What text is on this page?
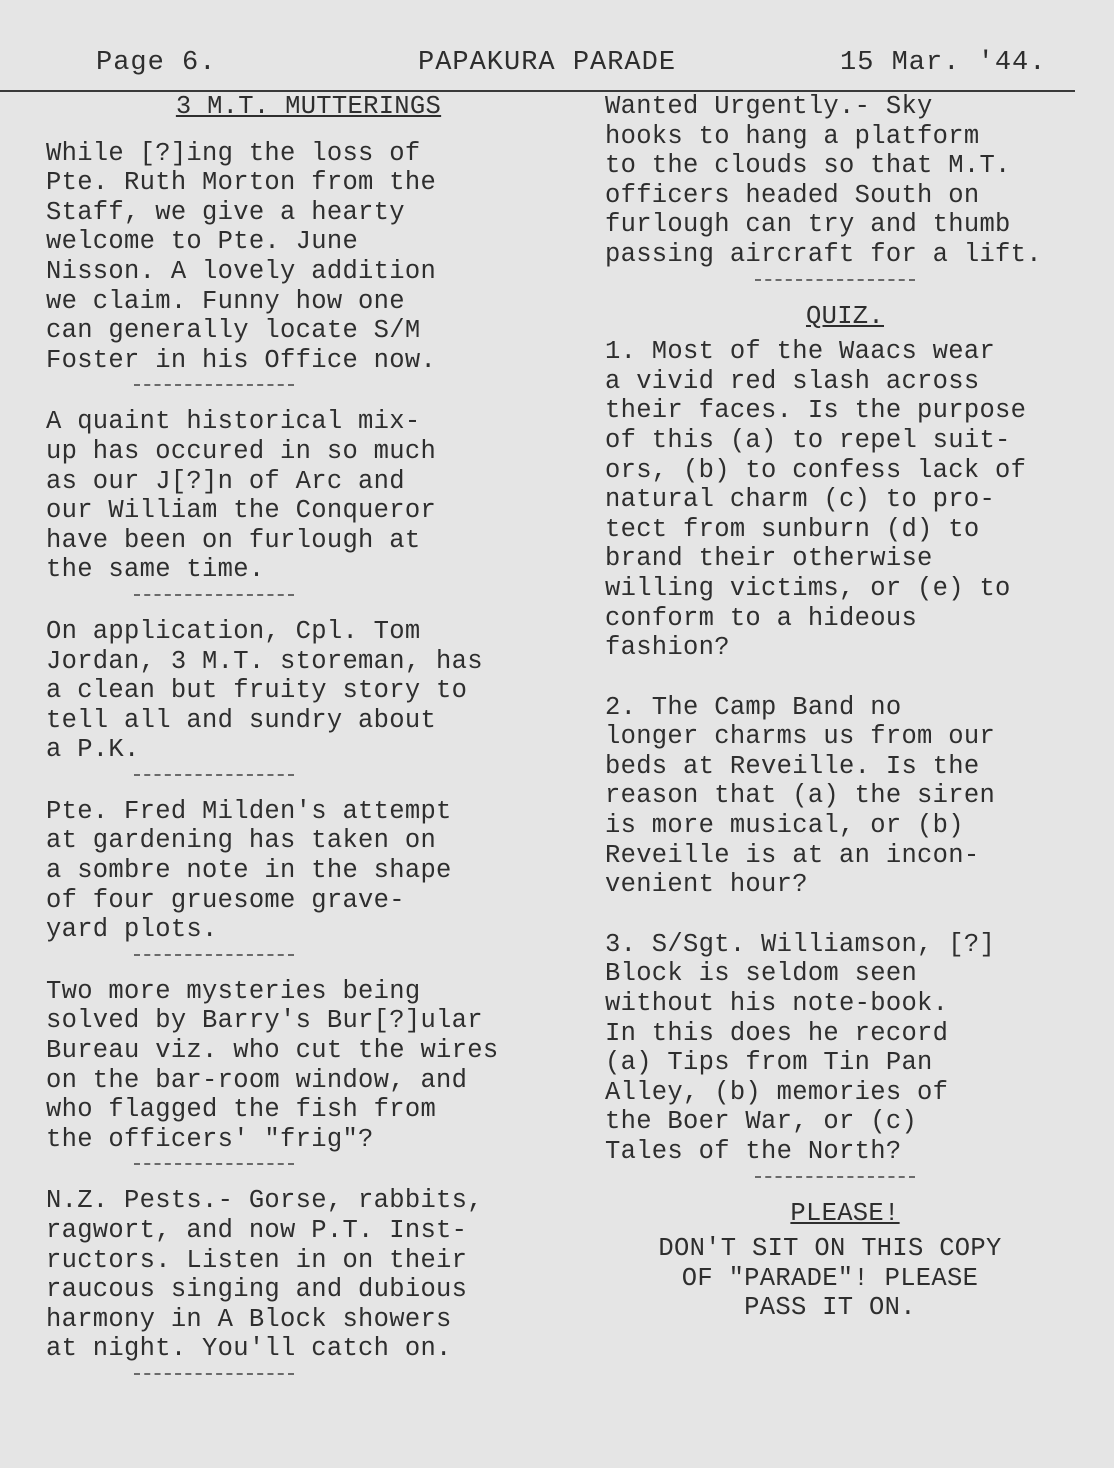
Page 6.	PAPAKURA PARADE	15 Mar. '44.
3 M.T. MUTTERINGS
While [?]ing the loss of
Pte. Ruth Morton from the
Staff, we give a hearty
welcome to Pte. June
Nisson. A lovely addition
we claim. Funny how one
can generally locate S/M
Foster in his Office now.
A quaint historical mix-
up has occured in so much
as our J[?]n of Arc and
our William the Conqueror
have been on furlough at
the same time.
On application, Cpl. Tom
Jordan, 3 M.T. storeman, has
a clean but fruity story to
tell all and sundry about
a P.K.
Pte. Fred Milden's attempt
at gardening has taken on
a sombre note in the shape
of four gruesome grave-
yard plots.
Two more mysteries being
solved by Barry's Bur[?]ular
Bureau viz. who cut the wires
on the bar-room window, and
who flagged the fish from
the officers' "frig"?
N.Z. Pests.- Gorse, rabbits,
ragwort, and now P.T. Inst-
ructors. Listen in on their
raucous singing and dubious
harmony in A Block showers
at night. You'll catch on.
Wanted Urgently.- Sky
hooks to hang a platform
to the clouds so that M.T.
officers headed South on
furlough can try and thumb
passing aircraft for a lift.
QUIZ.
1. Most of the Waacs wear
a vivid red slash across
their faces. Is the purpose
of this (a) to repel suit-
ors, (b) to confess lack of
natural charm (c) to pro-
tect from sunburn (d) to
brand their otherwise
willing victims, or (e) to
conform to a hideous
fashion?
2. The Camp Band no
longer charms us from our
beds at Reveille. Is the
reason that (a) the siren
is more musical, or (b)
Reveille is at an incon-
venient hour?
3. S/Sgt. Williamson, [?]
Block is seldom seen
without his note-book.
In this does he record
(a) Tips from Tin Pan
Alley, (b) memories of
the Boer War, or (c)
Tales of the North?
PLEASE!
DON'T SIT ON THIS COPY
OF "PARADE"! PLEASE
PASS IT ON.
